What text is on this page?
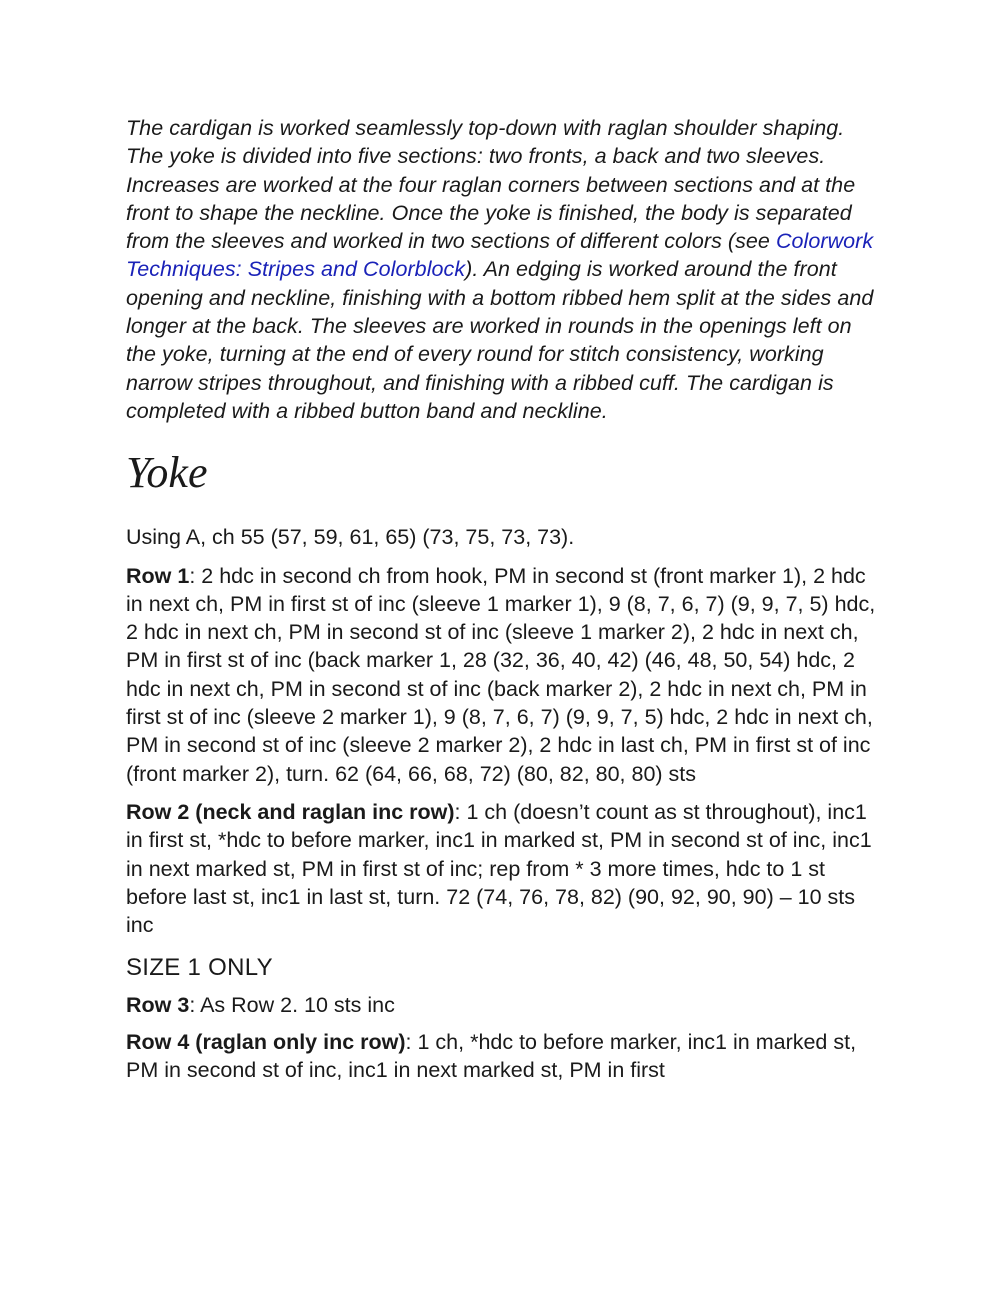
The cardigan is worked seamlessly top-down with raglan shoulder shaping. The yoke is divided into five sections: two fronts, a back and two sleeves. Increases are worked at the four raglan corners between sections and at the front to shape the neckline. Once the yoke is finished, the body is separated from the sleeves and worked in two sections of different colors (see Colorwork Techniques: Stripes and Colorblock). An edging is worked around the front opening and neckline, finishing with a bottom ribbed hem split at the sides and longer at the back. The sleeves are worked in rounds in the openings left on the yoke, turning at the end of every round for stitch consistency, working narrow stripes throughout, and finishing with a ribbed cuff. The cardigan is completed with a ribbed button band and neckline.

Yoke

Using A, ch 55 (57, 59, 61, 65) (73, 75, 73, 73).

Row 1: 2 hdc in second ch from hook, PM in second st (front marker 1), 2 hdc in next ch, PM in first st of inc (sleeve 1 marker 1), 9 (8, 7, 6, 7) (9, 9, 7, 5) hdc, 2 hdc in next ch, PM in second st of inc (sleeve 1 marker 2), 2 hdc in next ch, PM in first st of inc (back marker 1, 28 (32, 36, 40, 42) (46, 48, 50, 54) hdc, 2 hdc in next ch, PM in second st of inc (back marker 2), 2 hdc in next ch, PM in first st of inc (sleeve 2 marker 1), 9 (8, 7, 6, 7) (9, 9, 7, 5) hdc, 2 hdc in next ch, PM in second st of inc (sleeve 2 marker 2), 2 hdc in last ch, PM in first st of inc (front marker 2), turn. 62 (64, 66, 68, 72) (80, 82, 80, 80) sts

Row 2 (neck and raglan inc row): 1 ch (doesn’t count as st throughout), inc1 in first st, *hdc to before marker, inc1 in marked st, PM in second st of inc, inc1 in next marked st, PM in first st of inc; rep from * 3 more times, hdc to 1 st before last st, inc1 in last st, turn. 72 (74, 76, 78, 82) (90, 92, 90, 90) – 10 sts inc

SIZE 1 ONLY

Row 3: As Row 2. 10 sts inc

Row 4 (raglan only inc row): 1 ch, *hdc to before marker, inc1 in marked st, PM in second st of inc, inc1 in next marked st, PM in first
